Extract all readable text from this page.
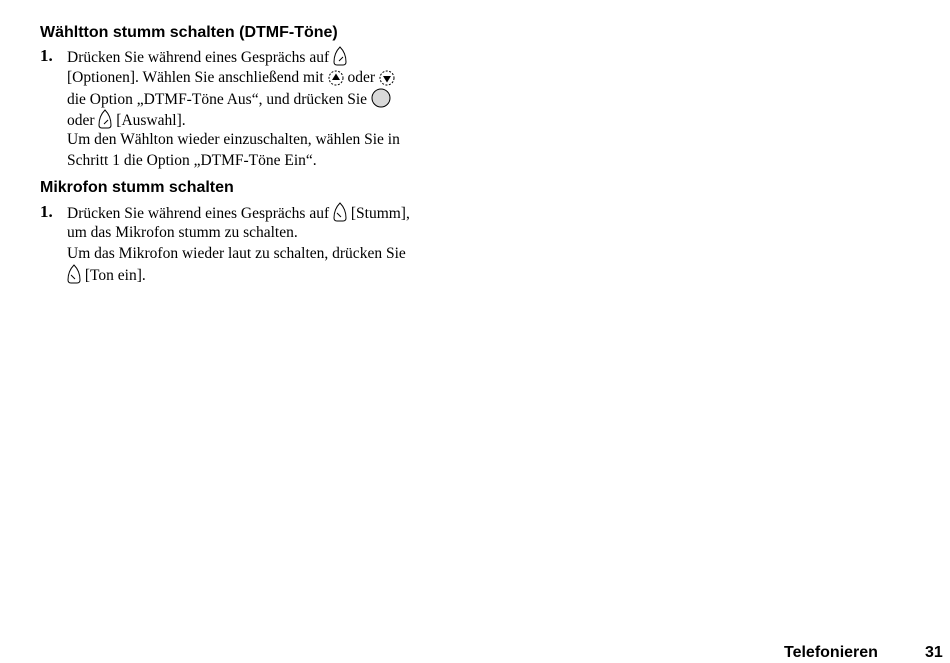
Wähltton stumm schalten (DTMF-Töne)
1. Drücken Sie während eines Gesprächs auf
[Optionen]. Wählen Sie anschließend mit oder
die Option „DTMF-Töne Aus“, und drücken Sie
oder [Auswahl].
Um den Wählton wieder einzuschalten, wählen Sie in
Schritt 1 die Option „DTMF-Töne Ein“.
Mikrofon stumm schalten
1. Drücken Sie während eines Gesprächs auf [Stumm],
um das Mikrofon stumm zu schalten.
Um das Mikrofon wieder laut zu schalten, drücken Sie
[Ton ein].
Telefonieren	31
